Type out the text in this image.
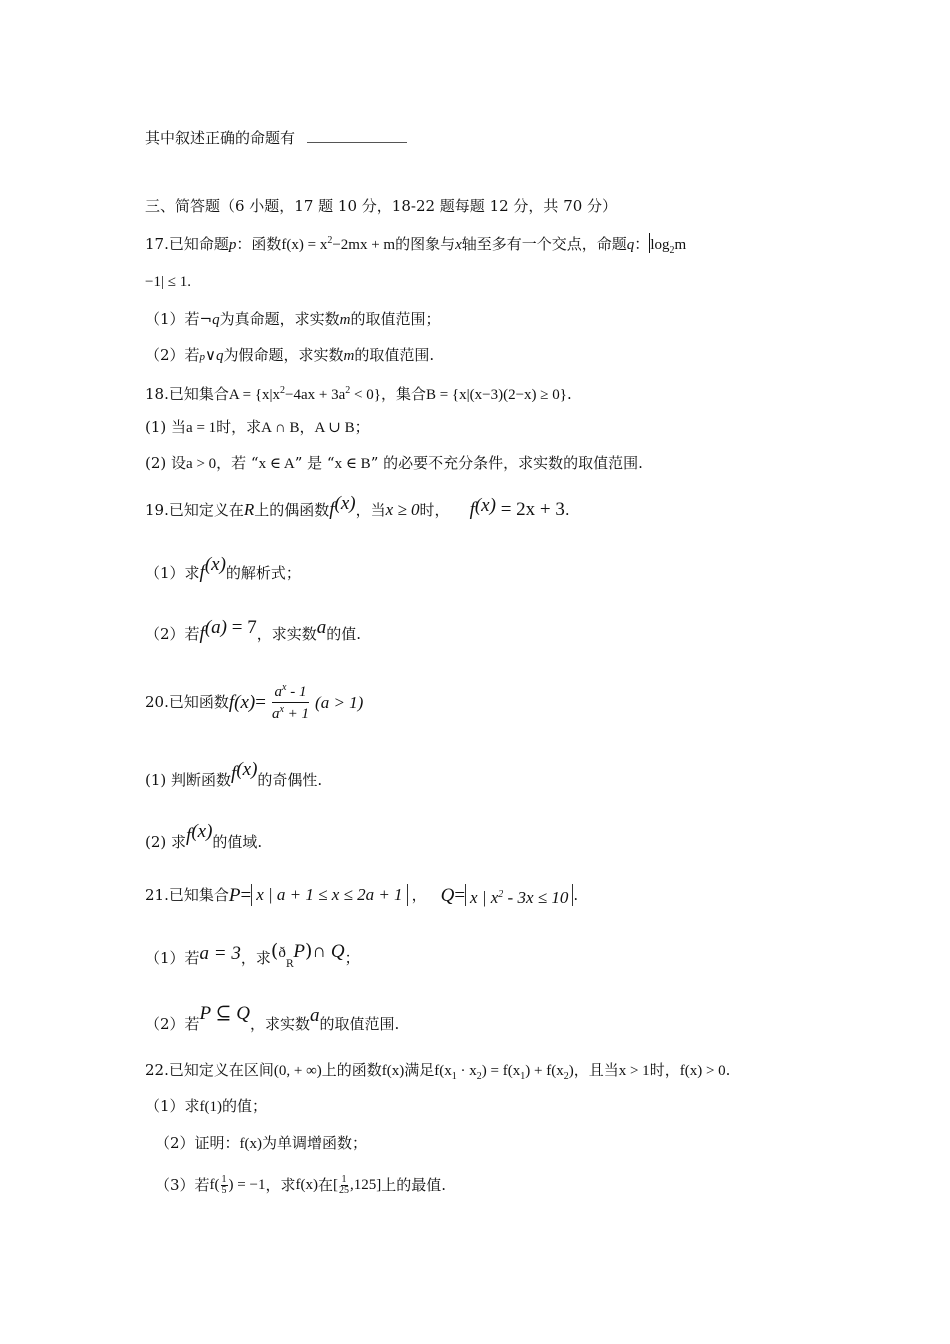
其中叙述正确的命题有
三、简答题（6 小题，17 题 10 分，18-22 题每题 12 分，共 70 分）
17.已知命题p：函数$f(x) = x^2-2mx + m$的图象与x轴至多有一个交点，命题q：$\log_2m$
−1| ≤ 1.
（1）若¬q为真命题，求实数m的取值范围；
（2）若p∨q为假命题，求实数m的取值范围.
18.已知集合$A = \{x|x^2-4ax + 3a^2 < 0\}$，集合B = {x|(x−3)(2−x) ≥ 0}.
(1) 当a = 1时，求A ∩ B，A ∪ B；
(2) 设a > 0，若 “x ∈ A” 是 “x ∈ B” 的必要不充分条件，求实数的取值范围.
19.已知定义在R上的偶函数f(x)，当x ≥ 0时， f(x) = 2x + 3.
（1）求f(x)的解析式；
（2）若f(a) = 7，求实数a的值.
20.已知函数 f $(x) = \frac{a^x - 1}{a^x + 1} (a > 1)$
(1) 判断函数f(x)的奇偶性.
(2) 求f(x)的值域.
21.已知集合 P = x | a + 1 ≤ x ≤ 2a + 1 ， Q = x | $x^2 - 3x \le 10$ .
（1）若a = 3，求$(ð_RP)\cap$ Q；
（2）若P ⊆ Q，求实数a的取值范围.
22.已知定义在区间(0, + ∞)上的函数f(x)满足$f(x_1 \cdot x_2) = f(x_1) + f(x_2)$，且当x > 1时，f(x) > 0.
（1）求f(1)的值；
（2）证明：f(x)为单调增函数；
（3）若 $f( \frac{1}{5}$ ) = −1 ，求 f(x) 在 [ $\frac{1}{25} ,125$] 上的最值.
